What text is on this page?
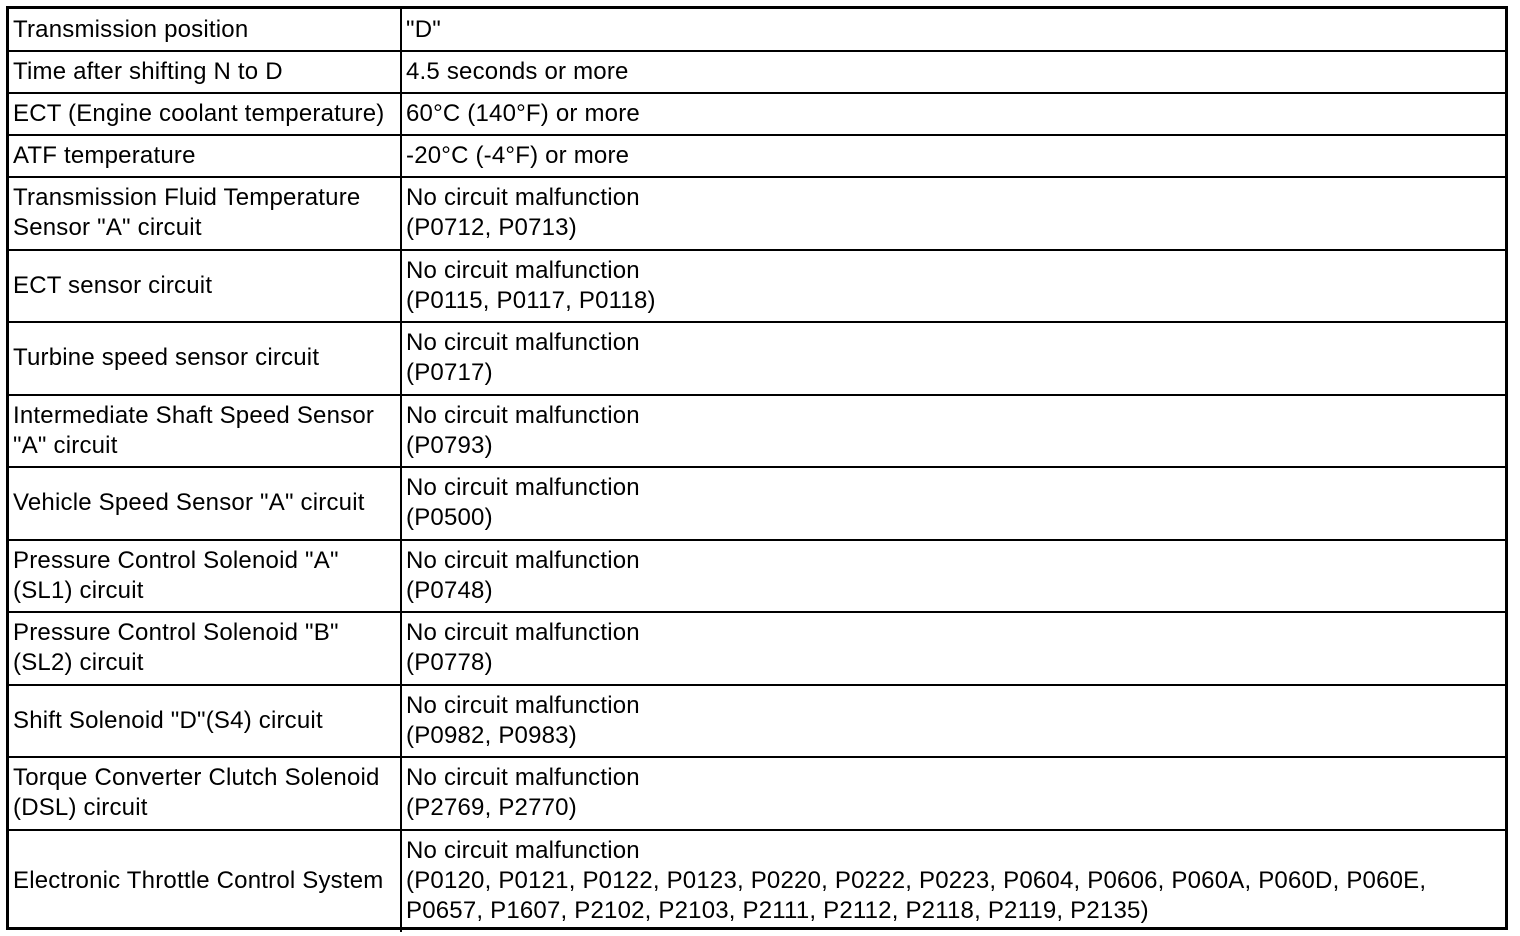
Transmission position	"D"

Time after shifting N to D	4.5 seconds or more

ECT (Engine coolant temperature)	60°C (140°F) or more

ATF temperature	-20°C (-4°F) or more

Transmission Fluid Temperature
Sensor "A" circuit	No circuit malfunction
(P0712, P0713)

ECT sensor circuit	No circuit malfunction
(P0115, P0117, P0118)

Turbine speed sensor circuit	No circuit malfunction
(P0717)

Intermediate Shaft Speed Sensor
"A" circuit	No circuit malfunction
(P0793)

Vehicle Speed Sensor "A" circuit	No circuit malfunction
(P0500)

Pressure Control Solenoid "A"
(SL1) circuit	No circuit malfunction
(P0748)

Pressure Control Solenoid "B"
(SL2) circuit	No circuit malfunction
(P0778)

Shift Solenoid "D"(S4) circuit	No circuit malfunction
(P0982, P0983)

Torque Converter Clutch Solenoid
(DSL) circuit	No circuit malfunction
(P2769, P2770)

Electronic Throttle Control System	No circuit malfunction
(P0120, P0121, P0122, P0123, P0220, P0222, P0223, P0604, P0606, P060A, P060D, P060E,
P0657, P1607, P2102, P2103, P2111, P2112, P2118, P2119, P2135)
